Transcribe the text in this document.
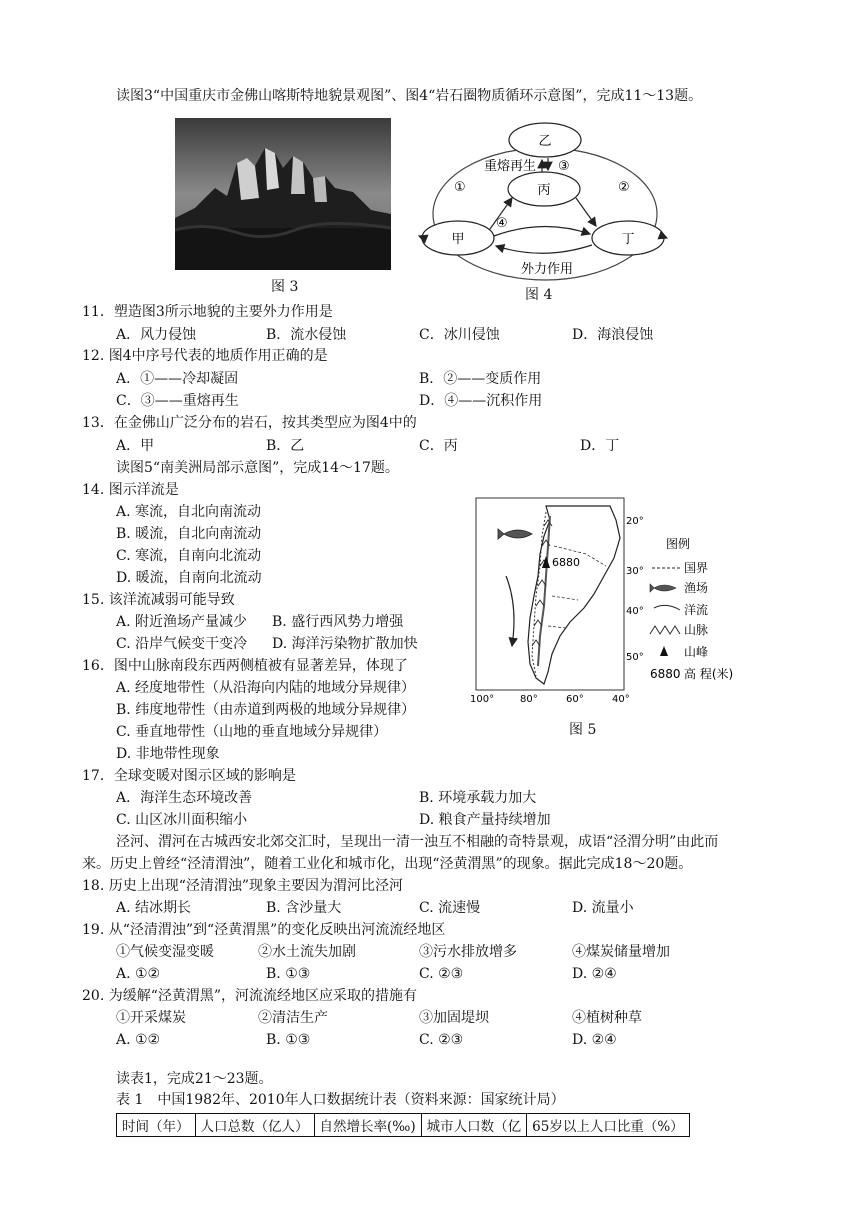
读图3“中国重庆市金佛山喀斯特地貌景观图”、图4“岩石圈物质循环示意图”，完成11～13题。
图 3
乙
丙
甲	丁
重熔再生
外力作用
①	②
③
④
图 4
11．塑造图3所示地貌的主要外力作用是
A．风力侵蚀	B．流水侵蚀	C．冰川侵蚀	D．海浪侵蚀
12. 图4中序号代表的地质作用正确的是
A．①——冷却凝固	B．②——变质作用
C．③——重熔再生	D．④——沉积作用
13．在金佛山广泛分布的岩石，按其类型应为图4中的
A．甲	B．乙	C．丙	D．丁
读图5“南美洲局部示意图”，完成14～17题。
14. 图示洋流是
A. 寒流，自北向南流动
B. 暖流，自北向南流动
C. 寒流，自南向北流动
D. 暖流，自南向北流动
15. 该洋流减弱可能导致
A. 附近渔场产量减少 B. 盛行西风势力增强
C. 沿岸气候变干变冷 D. 海洋污染物扩散加快
16．图中山脉南段东西两侧植被有显著差异，体现了
A. 经度地带性（从沿海向内陆的地域分异规律）
B. 纬度地带性（由赤道到两极的地域分异规律）
C. 垂直地带性（山地的垂直地域分异规律）
D. 非地带性现象
6880
20°
30°
40°
50°
100°	80°	60°	40°
图例
国界
渔场
洋流
山脉
山峰
6880 高 程(米)
图 5
17．全球变暖对图示区域的影响是
A．海洋生态环境改善	B. 环境承载力加大
C. 山区冰川面积缩小	D. 粮食产量持续增加
泾河、渭河在古城西安北郊交汇时，呈现出一清一浊互不相融的奇特景观，成语“泾渭分明”由此而
来。历史上曾经“泾清渭浊”，随着工业化和城市化，出现“泾黄渭黑”的现象。据此完成18～20题。
18. 历史上出现“泾清渭浊”现象主要因为渭河比泾河
A. 结冰期长	B. 含沙量大	C. 流速慢	D. 流量小
19. 从“泾清渭浊”到“泾黄渭黑”的变化反映出河流流经地区
①气候变湿变暖	②水土流失加剧	③污水排放增多	④煤炭储量增加
A. ①②	B. ①③	C. ②③	D. ②④
20. 为缓解“泾黄渭黑”，河流流经地区应采取的措施有
①开采煤炭	②清洁生产	③加固堤坝	④植树种草
A. ①②	B. ①③	C. ②③	D. ②④
读表1，完成21～23题。
表 1　中国1982年、2010年人口数据统计表（资料来源：国家统计局）
时间（年）	人口总数（亿人）	自然增长率(‰)	城市人口数（亿	65岁以上人口比重（%）
